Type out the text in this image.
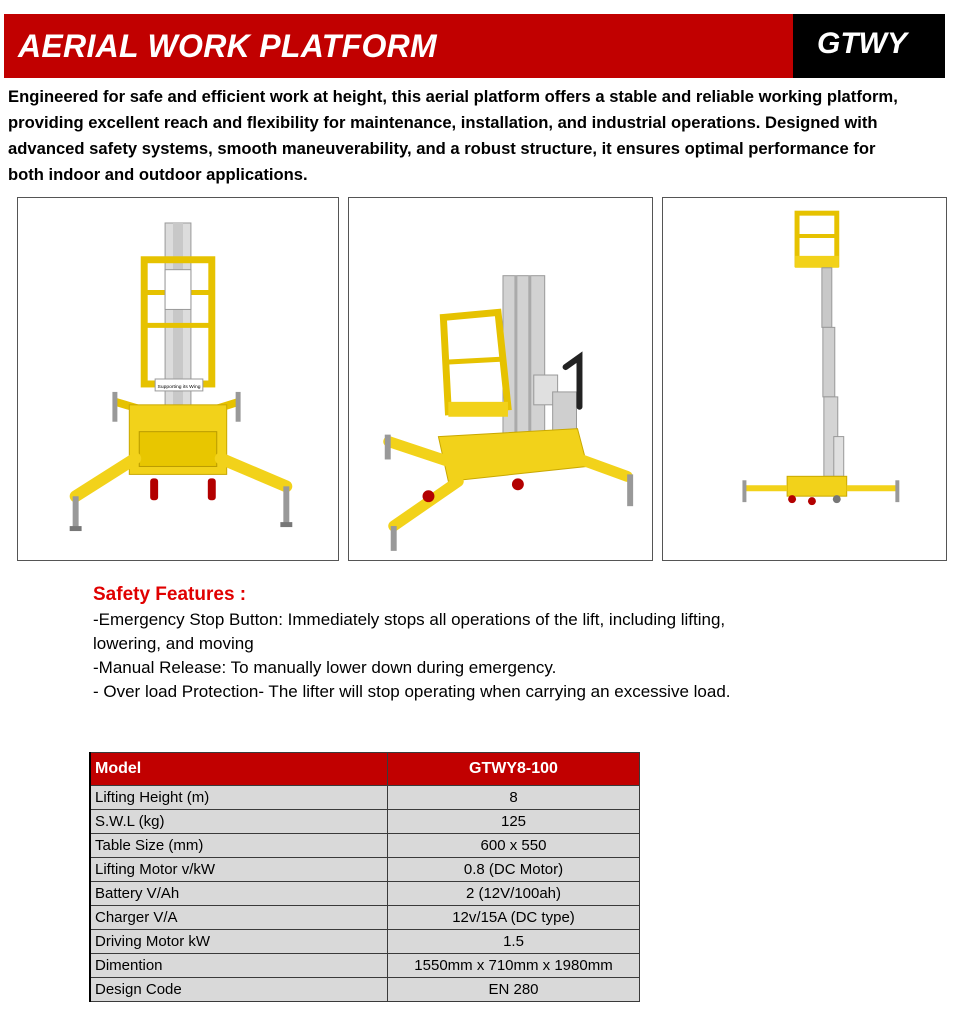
AERIAL WORK PLATFORM	GTWY
Engineered for safe and efficient work at height, this aerial platform offers a stable and reliable working platform, providing excellent reach and flexibility for maintenance, installation, and industrial operations. Designed with advanced safety systems, smooth maneuverability, and a robust structure, it ensures optimal performance for both indoor and outdoor applications.
Supporting its Wing
Safety Features :

-Emergency Stop Button: Immediately stops all operations of the lift, including lifting, lowering, and moving

-Manual Release: To manually lower down during emergency.

- Over load Protection- The lifter will stop operating when carrying an excessive load.

Model	GTWY8-100
Lifting Height (m)	8
S.W.L (kg)	125
Table Size (mm)	600 x 550
Lifting Motor v/kW	0.8 (DC Motor)
Battery V/Ah	2 (12V/100ah)
Charger V/A	12v/15A (DC type)
Driving Motor kW	1.5
Dimention	1550mm x 710mm x 1980mm
Design Code	EN 280
